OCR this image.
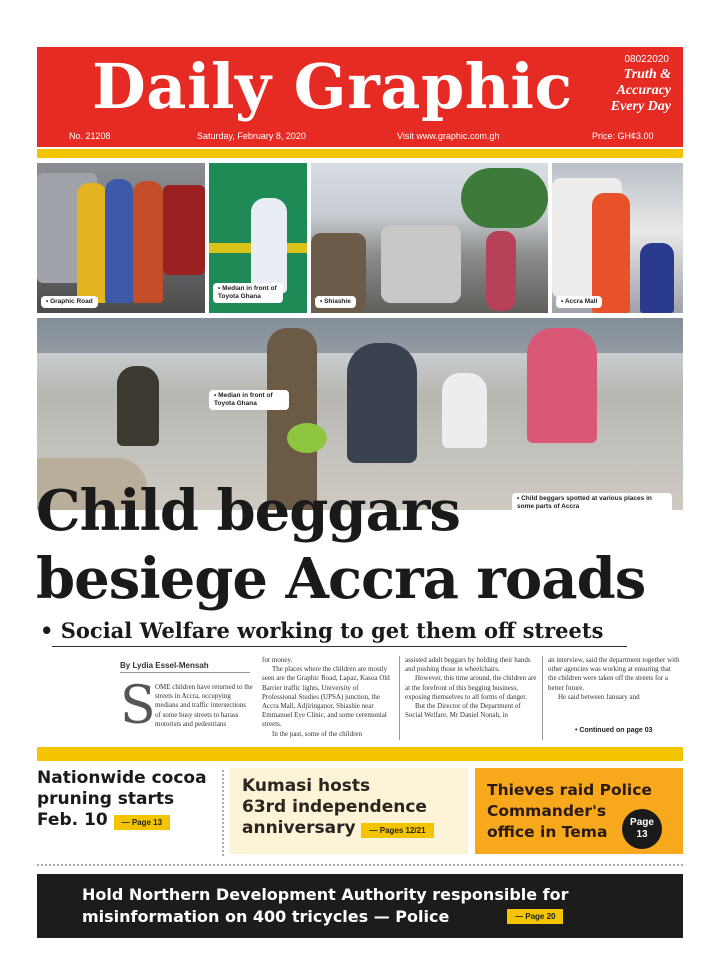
Daily Graphic	08022020
Truth &
Accuracy
Every Day
No. 21208	Saturday, February 8, 2020	Visit www.graphic.com.gh	Price: GH¢3.00
• Graphic Road
• Median in front of Toyota Ghana
• Shiashie	• Accra Mall
• Median in front of Toyota Ghana
• Child beggars spotted at various places in some parts of Accra
Child beggars
besiege Accra roads
• Social Welfare working to get them off streets
By Lydia Essel-Mensah
S OME children have returned to the streets in Accra, occupying medians and traffic intersections of some busy streets to harass motorists and pedestrians
for money.
The places where the children are mostly seen are the Graphic Road, Lapaz, Kasoa Old Barrier traffic lights, University of Professional Studies (UPSA) junction, the Accra Mall, Adjiringanor, Shiashie near Emmanuel Eye Clinic, and some ceremonial streets.
In the past, some of the children
assisted adult beggars by holding their hands and pushing those in wheelchairs.
However, this time around, the children are at the forefront of this begging business, exposing themselves to all forms of danger.
But the Director of the Department of Social Welfare, Mr Daniel Nonah, in
an interview, said the department together with other agencies was working at ensuring that the children were taken off the streets for a better future.
He said between January and
• Continued on page 03
Nationwide cocoa
pruning starts
Feb. 10 — Page 13
Kumasi hosts
63rd independence
anniversary — Pages 12/21
Thieves raid Police
Commander's
office in Tema
Page
13
Hold Northern Development Authority responsible for
misinformation on 400 tricycles — Police	— Page 20
